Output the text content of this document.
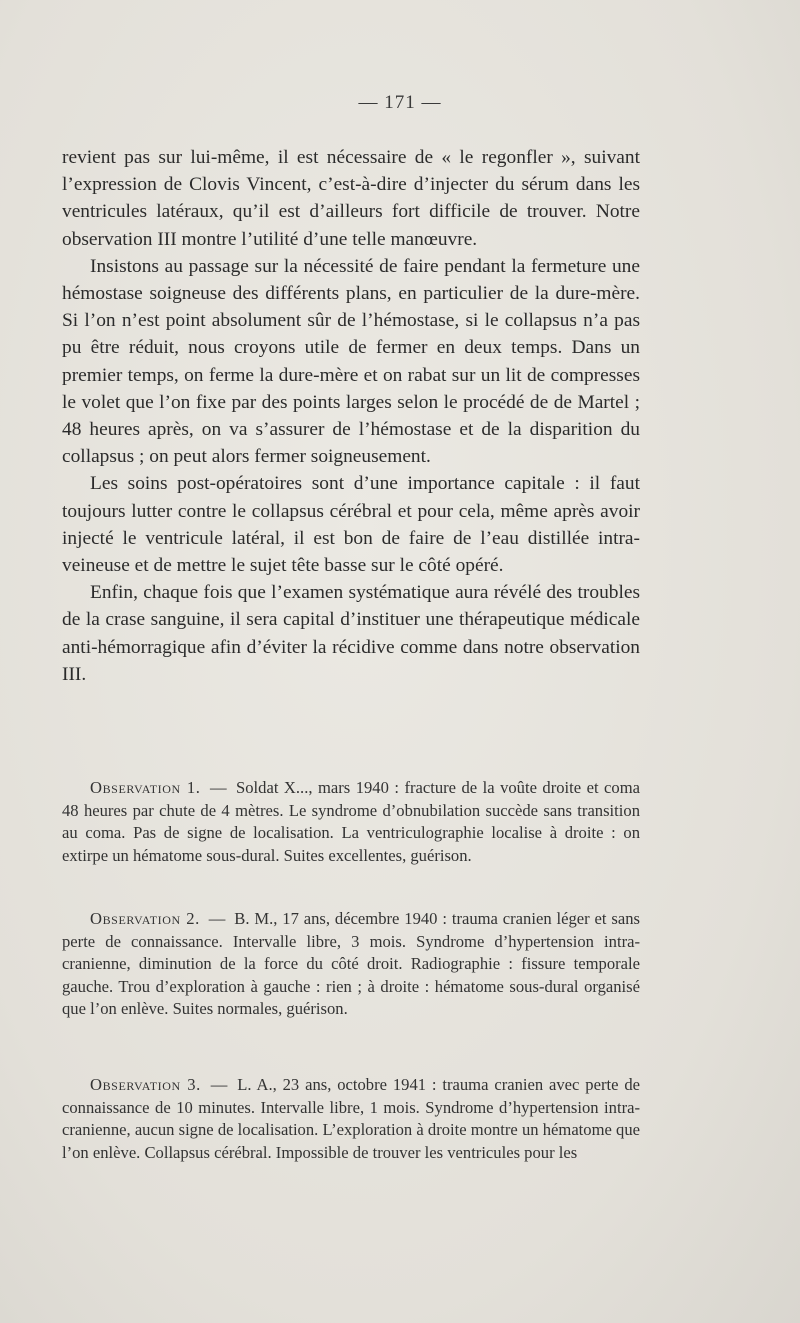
— 171 —

revient pas sur lui-même, il est nécessaire de « le regonfler », suivant l’expression de Clovis Vincent, c’est-à-dire d’injecter du sérum dans les ventricules latéraux, qu’il est d’ailleurs fort difficile de trouver. Notre observation III montre l’utilité d’une telle manœuvre.

Insistons au passage sur la nécessité de faire pendant la fermeture une hémostase soigneuse des différents plans, en particulier de la dure-mère. Si l’on n’est point absolument sûr de l’hémostase, si le collapsus n’a pas pu être réduit, nous croyons utile de fermer en deux temps. Dans un premier temps, on ferme la dure-mère et on rabat sur un lit de compresses le volet que l’on fixe par des points larges selon le procédé de de Martel ; 48 heures après, on va s’assurer de l’hémostase et de la disparition du collapsus ; on peut alors fermer soigneusement.

Les soins post-opératoires sont d’une importance capitale : il faut toujours lutter contre le collapsus cérébral et pour cela, même après avoir injecté le ventricule latéral, il est bon de faire de l’eau distillée intra-veineuse et de mettre le sujet tête basse sur le côté opéré.

Enfin, chaque fois que l’examen systématique aura révélé des troubles de la crase sanguine, il sera capital d’instituer une thérapeutique médicale anti-hémorragique afin d’éviter la récidive comme dans notre observation III.

Observation 1. — Soldat X..., mars 1940 : fracture de la voûte droite et coma 48 heures par chute de 4 mètres. Le syndrome d’obnubilation succède sans transition au coma. Pas de signe de localisation. La ventriculographie localise à droite : on extirpe un hématome sous-dural. Suites excellentes, guérison.

Observation 2. — B. M., 17 ans, décembre 1940 : trauma cranien léger et sans perte de connaissance. Intervalle libre, 3 mois. Syndrome d’hypertension intra-cranienne, diminution de la force du côté droit. Radiographie : fissure temporale gauche. Trou d’exploration à gauche : rien ; à droite : hématome sous-dural organisé que l’on enlève. Suites normales, guérison.

Observation 3. — L. A., 23 ans, octobre 1941 : trauma cranien avec perte de connaissance de 10 minutes. Intervalle libre, 1 mois. Syndrome d’hypertension intra-cranienne, aucun signe de localisation. L’exploration à droite montre un hématome que l’on enlève. Collapsus cérébral. Impossible de trouver les ventricules pour les
